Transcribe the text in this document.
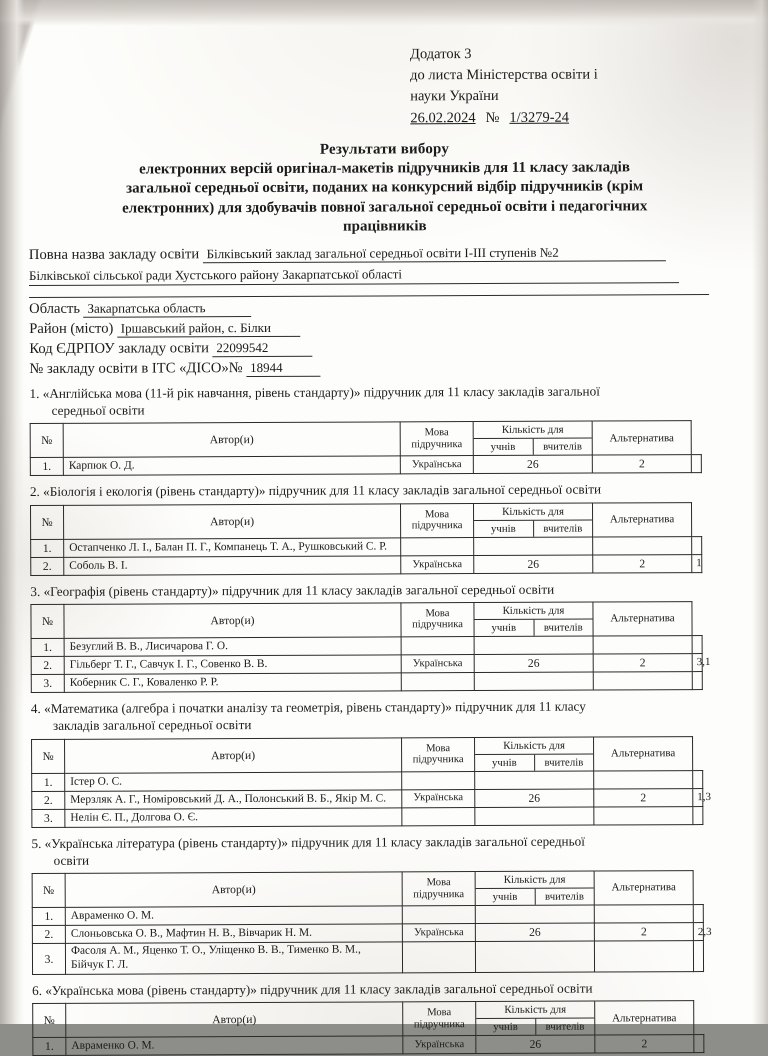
Додаток 3
до листа Міністерства освіти і
науки України
26.02.2024 № 1/3279-24
Результати вибору
електронних версій оригінал-макетів підручників для 11 класу закладів
загальної середньої освіти, поданих на конкурсний відбір підручників (крім
електронних) для здобувачів повної загальної середньої освіти і педагогічних
працівників
Повна назва закладу освіти Білківський заклад загальної середньої освіти І-ІІІ ступенів №2
Білківської сільської ради Хустського району Закарпатської області
Область Закарпатська область
Район (місто) Іршавський район, с. Білки
Код ЄДРПОУ закладу освіти 22099542
№ закладу освіти в ІТС «ДІСО»№ 18944
1. «Англійська мова (11-й рік навчання, рівень стандарту)» підручник для 11 класу закладів загальної
середньої освіти
№	Автор(и)	
Мова
підручника

Кількість для
учнів	вчителів
	Альтернатива
1.	Карпюк О. Д.	Українська	26	2	
2. «Біологія і екологія (рівень стандарту)» підручник для 11 класу закладів загальної середньої освіти
№	Автор(и)	
Мова
підручника

Кількість для
учнів	вчителів
	Альтернатива
1.	Остапченко Л. І., Балан П. Г., Компанець Т. А., Рушковський С. Р.				
2.	Соболь В. І.	Українська	26	2	1
3. «Географія (рівень стандарту)» підручник для 11 класу закладів загальної середньої освіти
№	Автор(и)	
Мова
підручника

Кількість для
учнів	вчителів
	Альтернатива
1.	Безуглий В. В., Лисичарова Г. О.				
2.	Гільберг Т. Г., Савчук І. Г., Совенко В. В.	Українська	26	2	3,1
3.	Коберник С. Г., Коваленко Р. Р.				
4. «Математика (алгебра і початки аналізу та геометрія, рівень стандарту)» підручник для 11 класу
закладів загальної середньої освіти
№	Автор(и)	
Мова
підручника

Кількість для
учнів	вчителів
	Альтернатива
1.	Істер О. С.				
2.	Мерзляк А. Г., Номіровський Д. А., Полонський В. Б., Якір М. С.	Українська	26	2	1,3
3.	Нелін Є. П., Долгова О. Є.				
5. «Українська література (рівень стандарту)» підручник для 11 класу закладів загальної середньої
освіти
№	Автор(и)	
Мова
підручника

Кількість для
учнів	вчителів
	Альтернатива
1.	Авраменко О. М.				
2.	Слоньовська О. В., Мафтин Н. В., Вівчарик Н. М.	Українська	26	2	2,3
3.	Фасоля А. М., Яценко Т. О., Уліщенко В. В., Тименко В. М.,
Бійчук Г. Л.				

6. «Українська мова (рівень стандарту)» підручник для 11 класу закладів загальної середньої освіти
№	Автор(и)	
Мова
підручника

Кількість для
учнів	вчителів
	Альтернатива
1.	Авраменко О. М.	Українська	26	2	
